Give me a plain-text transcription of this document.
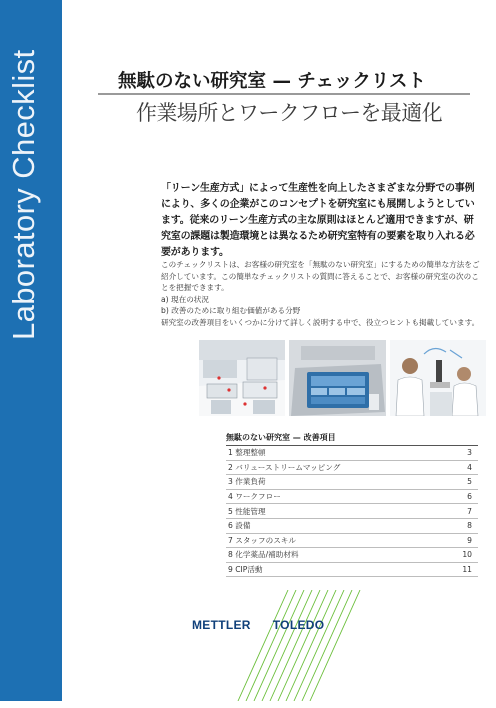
Laboratory Checklist	無駄のない研究室 — チェックリスト
作業場所とワークフローを最適化
「リーン生産方式」によって生産性を向上したさまざまな分野での事例により、多くの企業がこのコンセプトを研究室にも展開しようとしています。従来のリーン生産方式の主な原則はほとんど適用できますが、研究室の課題は製造環境とは異なるため研究室特有の要素を取り入れる必要があります。

このチェックリストは、お客様の研究室を「無駄のない研究室」にするための簡単な方法をご紹介しています。この簡単なチェックリストの質問に答えることで、お客様の研究室の次のことを把握できます。

a) 現在の状況

b) 改善のために取り組む価値がある分野

研究室の改善項目をいくつかに分けて詳しく説明する中で、役立つヒントも掲載しています。

無駄のない研究室 — 改善項目
1 整理整頓	3
2 バリューストリームマッピング	4
3 作業負荷	5
4 ワークフロー	6
5 性能管理	7
6 設備	8
7 スタッフのスキル	9
8 化学薬品/補助材料	10
9 CIP活動	11
METTLER TOLEDO
